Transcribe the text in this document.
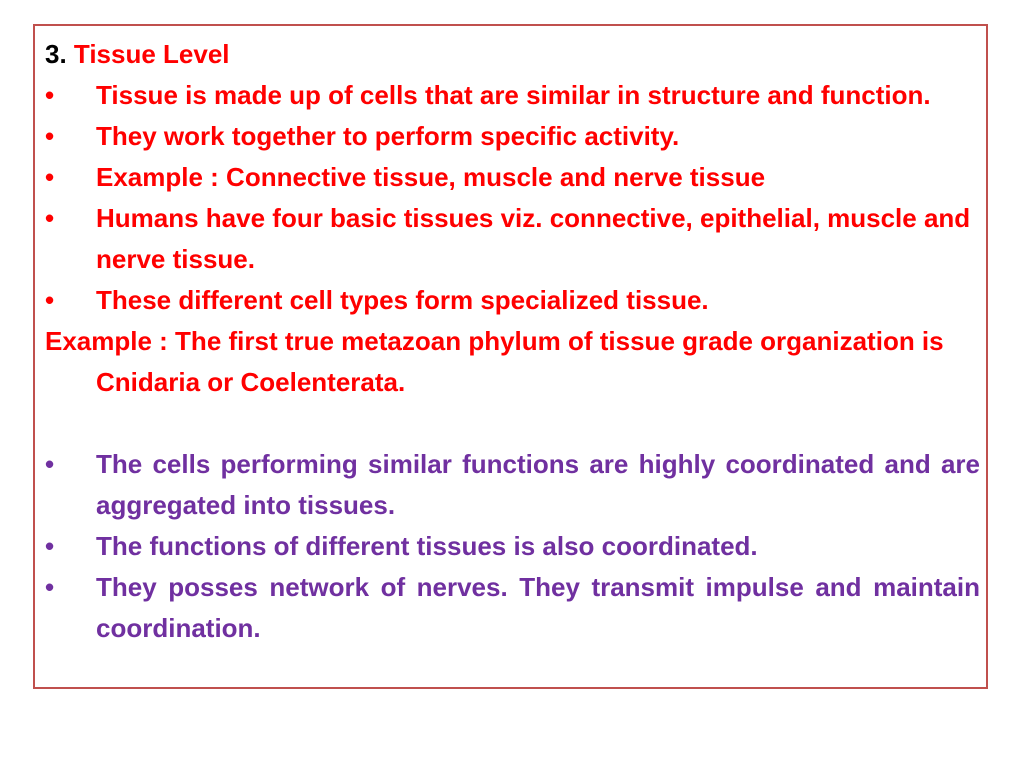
3. Tissue Level
•	Tissue is made up of cells that are similar in structure and function.
•	They work together to perform specific activity.
•	Example : Connective tissue, muscle and nerve tissue
•	Humans have four basic tissues viz. connective, epithelial, muscle and nerve tissue.
•	These different cell types form specialized tissue.
Example : The first true metazoan phylum of tissue grade organization is Cnidaria or Coelenterata.
•	The cells performing similar functions are highly coordinated and are aggregated into tissues.
•	The functions of different tissues is also coordinated.
•	They posses network of nerves. They transmit impulse and maintain coordination.
